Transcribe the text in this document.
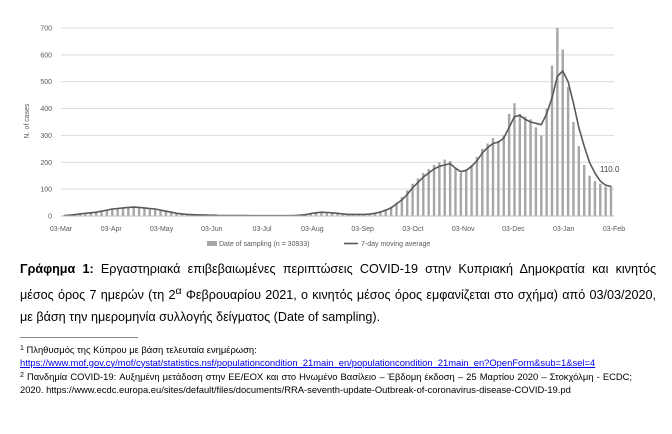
0
100
200
300
400
500
600
700
N. of cases
03-Mar	03-Apr	03-May	03-Jun	03-Jul	03-Aug	03-Sep	03-Oct	03-Nov	03-Dec	03-Jan	03-Feb
110.0
Date of sampling (n = 30933)	7-day moving average

Γράφημα 1: Εργαστηριακά επιβεβαιωμένες περιπτώσεις COVID-19 στην Κυπριακή Δημοκρατία και κινητός μέσος όρος 7 ημερών (τη $2^\alpha$ Φεβρουαρίου 2021, ο κινητός μέσος όρος εμφανίζεται στο σχήμα) από 03/03/2020, με βάση την ημερομηνία συλλογής δείγματος (Date of sampling).

$^1$ Πληθυσμός της Κύπρου με βάση τελευταία ενημέρωση:
https://www.mof.gov.cy/mof/cystat/statistics.nsf/populationcondition_21main_en/populationcondition_21main_en?OpenForm&sub=1&sel=4

$^2$ Πανδημία COVID-19: Αυξημένη μετάδοση στην ΕΕ/ΕΟΧ και στο Ηνωμένο Βασίλειο – Έβδομη έκδοση – 25 Μαρτίου 2020 – Στοκχόλμη - ECDC; 2020. https://www.ecdc.europa.eu/sites/default/files/documents/RRA-seventh-update-Outbreak-of-coronavirus-disease-COVID-19.pd
